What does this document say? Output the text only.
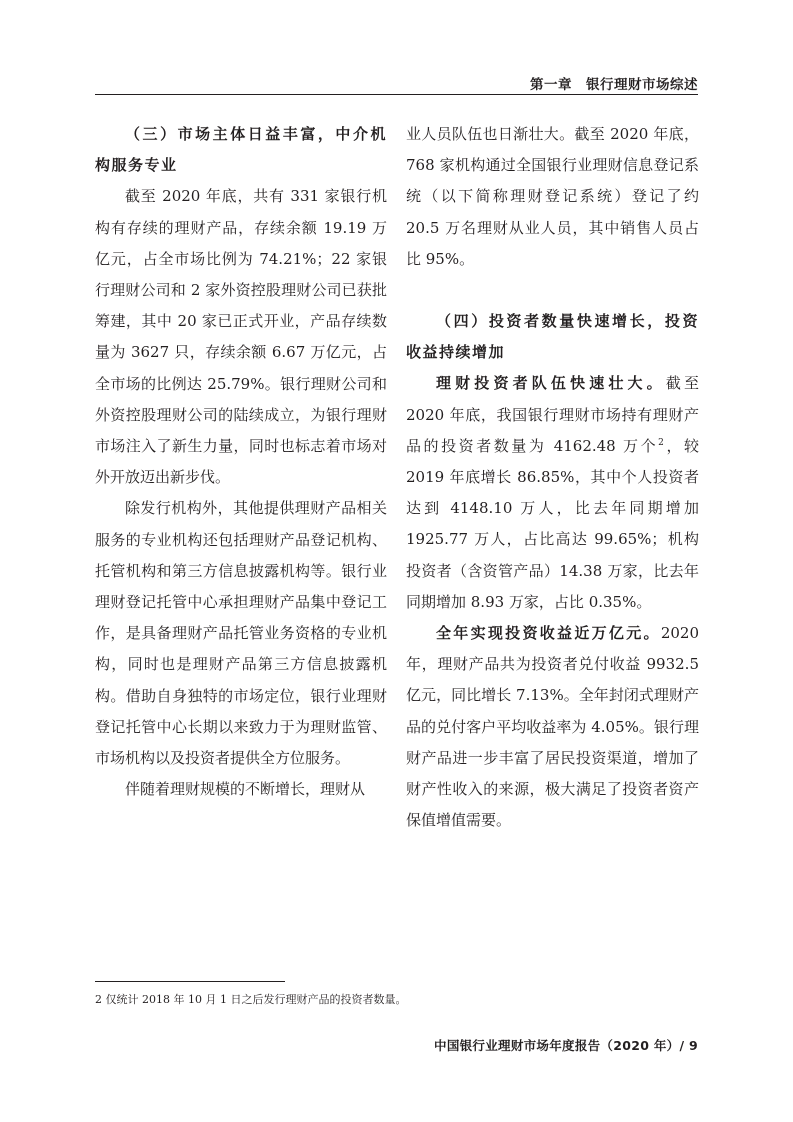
第一章　银行理财市场综述

（三）市场主体日益丰富，中介机构服务专业

截至 2020 年底，共有 331 家银行机构有存续的理财产品，存续余额 19.19 万亿元，占全市场比例为 74.21%；22 家银行理财公司和 2 家外资控股理财公司已获批筹建，其中 20 家已正式开业，产品存续数量为 3627 只，存续余额 6.67 万亿元，占全市场的比例达 25.79%。银行理财公司和外资控股理财公司的陆续成立，为银行理财市场注入了新生力量，同时也标志着市场对外开放迈出新步伐。

除发行机构外，其他提供理财产品相关服务的专业机构还包括理财产品登记机构、托管机构和第三方信息披露机构等。银行业理财登记托管中心承担理财产品集中登记工作，是具备理财产品托管业务资格的专业机构，同时也是理财产品第三方信息披露机构。借助自身独特的市场定位，银行业理财登记托管中心长期以来致力于为理财监管、市场机构以及投资者提供全方位服务。

伴随着理财规模的不断增长，理财从

业人员队伍也日渐壮大。截至 2020 年底，768 家机构通过全国银行业理财信息登记系统（以下简称理财登记系统）登记了约 20.5 万名理财从业人员，其中销售人员占比 95%。

（四）投资者数量快速增长，投资收益持续增加

理财投资者队伍快速壮大。截至 2020 年底，我国银行理财市场持有理财产品的投资者数量为 4162.48 万个$^2$，较 2019 年底增长 86.85%，其中个人投资者达到 4148.10 万人，比去年同期增加 1925.77 万人，占比高达 99.65%；机构投资者（含资管产品）14.38 万家，比去年同期增加 8.93 万家，占比 0.35%。

全年实现投资收益近万亿元。2020 年，理财产品共为投资者兑付收益 9932.5 亿元，同比增长 7.13%。全年封闭式理财产品的兑付客户平均收益率为 4.05%。银行理财产品进一步丰富了居民投资渠道，增加了财产性收入的来源，极大满足了投资者资产保值增值需要。

2 仅统计 2018 年 10 月 1 日之后发行理财产品的投资者数量。
中国银行业理财市场年度报告（2020 年）/ 9
